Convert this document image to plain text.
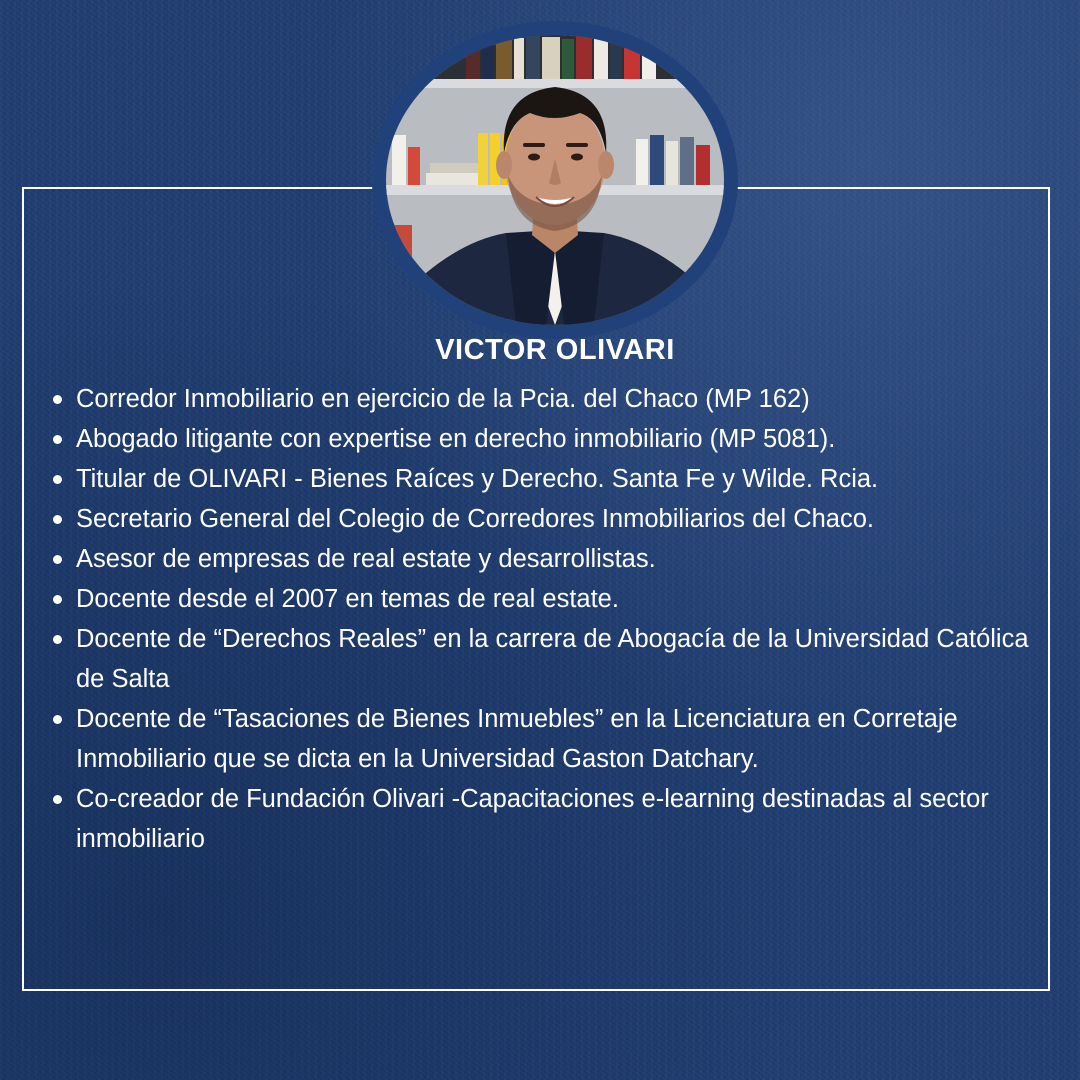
VICTOR OLIVARI
Corredor Inmobiliario en ejercicio de la Pcia. del Chaco (MP 162)
Abogado litigante con expertise en derecho inmobiliario (MP 5081).
Titular de OLIVARI - Bienes Raíces y Derecho. Santa Fe y Wilde. Rcia.
Secretario General del Colegio de Corredores Inmobiliarios del Chaco.
Asesor de empresas de real estate y desarrollistas.
Docente desde el 2007 en temas de real estate.
Docente de “Derechos Reales” en la carrera de Abogacía de la Universidad Católica de Salta
Docente de “Tasaciones de Bienes Inmuebles” en la Licenciatura en Corretaje Inmobiliario que se dicta en la Universidad Gaston Datchary.
Co-creador de Fundación Olivari -Capacitaciones e-learning destinadas al sector inmobiliario
